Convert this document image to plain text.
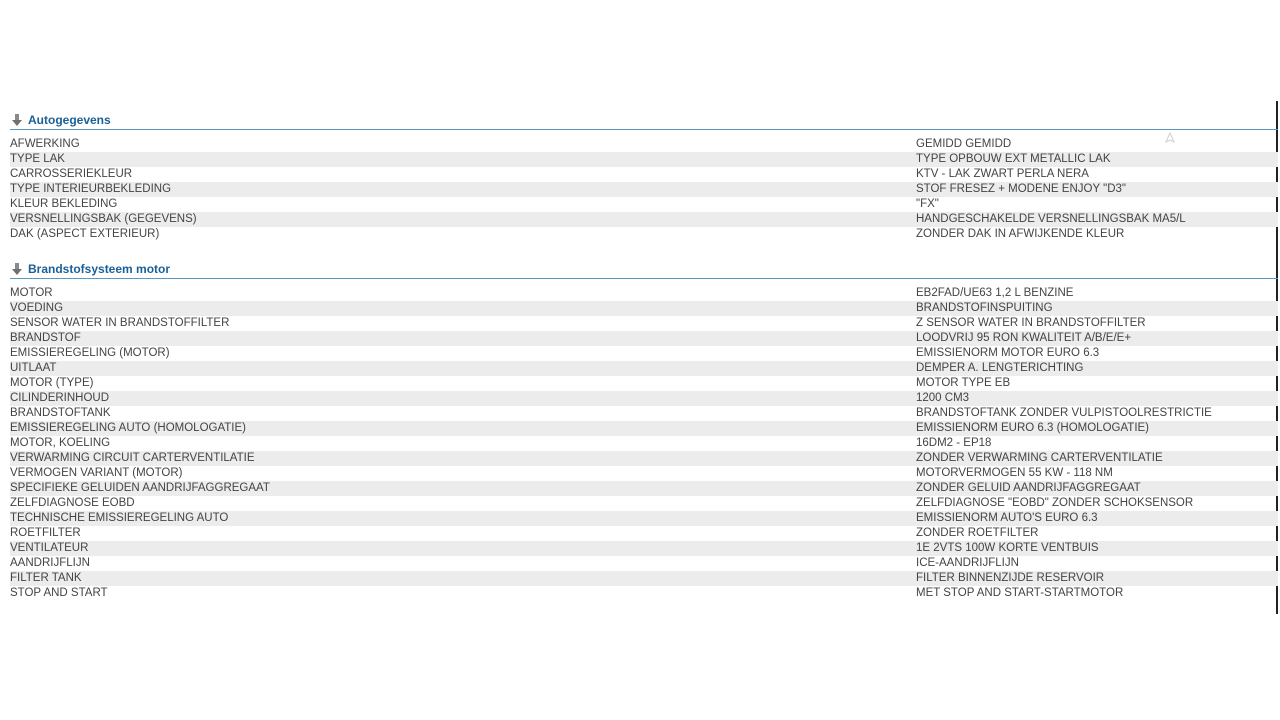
Autogegevens
AFWERKING	GEMIDD GEMIDD
TYPE LAK	TYPE OPBOUW EXT METALLIC LAK
CARROSSERIEKLEUR	KTV - LAK ZWART PERLA NERA
TYPE INTERIEURBEKLEDING	STOF FRESEZ + MODENE ENJOY "D3"
KLEUR BEKLEDING	"FX"
VERSNELLINGSBAK (GEGEVENS)	HANDGESCHAKELDE VERSNELLINGSBAK MA5/L
DAK (ASPECT EXTERIEUR)	ZONDER DAK IN AFWIJKENDE KLEUR
Brandstofsysteem motor
MOTOR	EB2FAD/UE63 1,2 L BENZINE
VOEDING	BRANDSTOFINSPUITING
SENSOR WATER IN BRANDSTOFFILTER	Z SENSOR WATER IN BRANDSTOFFILTER
BRANDSTOF	LOODVRIJ 95 RON KWALITEIT A/B/E/E+
EMISSIEREGELING (MOTOR)	EMISSIENORM MOTOR EURO 6.3
UITLAAT	DEMPER A. LENGTERICHTING
MOTOR (TYPE)	MOTOR TYPE EB
CILINDERINHOUD	1200 CM3
BRANDSTOFTANK	BRANDSTOFTANK ZONDER VULPISTOOLRESTRICTIE
EMISSIEREGELING AUTO (HOMOLOGATIE)	EMISSIENORM EURO 6.3 (HOMOLOGATIE)
MOTOR, KOELING	16DM2 - EP18
VERWARMING CIRCUIT CARTERVENTILATIE	ZONDER VERWARMING CARTERVENTILATIE
VERMOGEN VARIANT (MOTOR)	MOTORVERMOGEN 55 KW - 118 NM
SPECIFIEKE GELUIDEN AANDRIJFAGGREGAAT	ZONDER GELUID AANDRIJFAGGREGAAT
ZELFDIAGNOSE EOBD	ZELFDIAGNOSE "EOBD" ZONDER SCHOKSENSOR
TECHNISCHE EMISSIEREGELING AUTO	EMISSIENORM AUTO'S EURO 6.3
ROETFILTER	ZONDER ROETFILTER
VENTILATEUR	1E 2VTS 100W KORTE VENTBUIS
AANDRIJFLIJN	ICE-AANDRIJFLIJN
FILTER TANK	FILTER BINNENZIJDE RESERVOIR
STOP AND START	MET STOP AND START-STARTMOTOR
